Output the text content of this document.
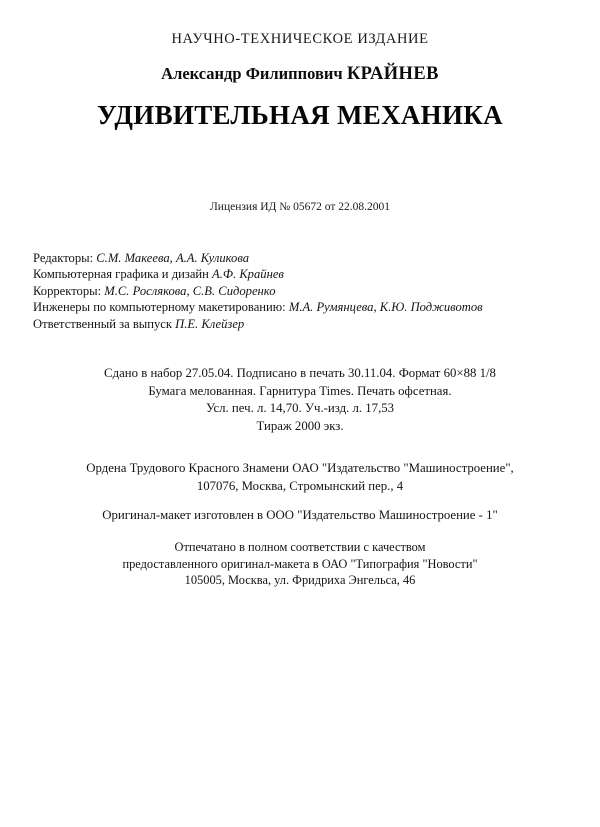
НАУЧНО-ТЕХНИЧЕСКОЕ ИЗДАНИЕ
Александр Филиппович КРАЙНЕВ
УДИВИТЕЛЬНАЯ МЕХАНИКА
Лицензия ИД № 05672 от 22.08.2001
Редакторы: С.М. Макеева, А.А. Куликова
Компьютерная графика и дизайн А.Ф. Крайнев
Корректоры: М.С. Рослякова, С.В. Сидоренко
Инженеры по компьютерному макетированию: М.А. Румянцева, К.Ю. Подживотов
Ответственный за выпуск П.Е. Клейзер
Сдано в набор 27.05.04. Подписано в печать 30.11.04. Формат 60×88 1/8
Бумага мелованная. Гарнитура Times. Печать офсетная.
Усл. печ. л. 14,70. Уч.-изд. л. 17,53
Тираж 2000 экз.
Ордена Трудового Красного Знамени ОАО "Издательство "Машиностроение",
107076, Москва, Стромынский пер., 4
Оригинал-макет изготовлен в ООО "Издательство Машиностроение - 1"
Отпечатано в полном соответствии с качеством
предоставленного оригинал-макета в ОАО "Типография "Новости"
105005, Москва, ул. Фридриха Энгельса, 46
